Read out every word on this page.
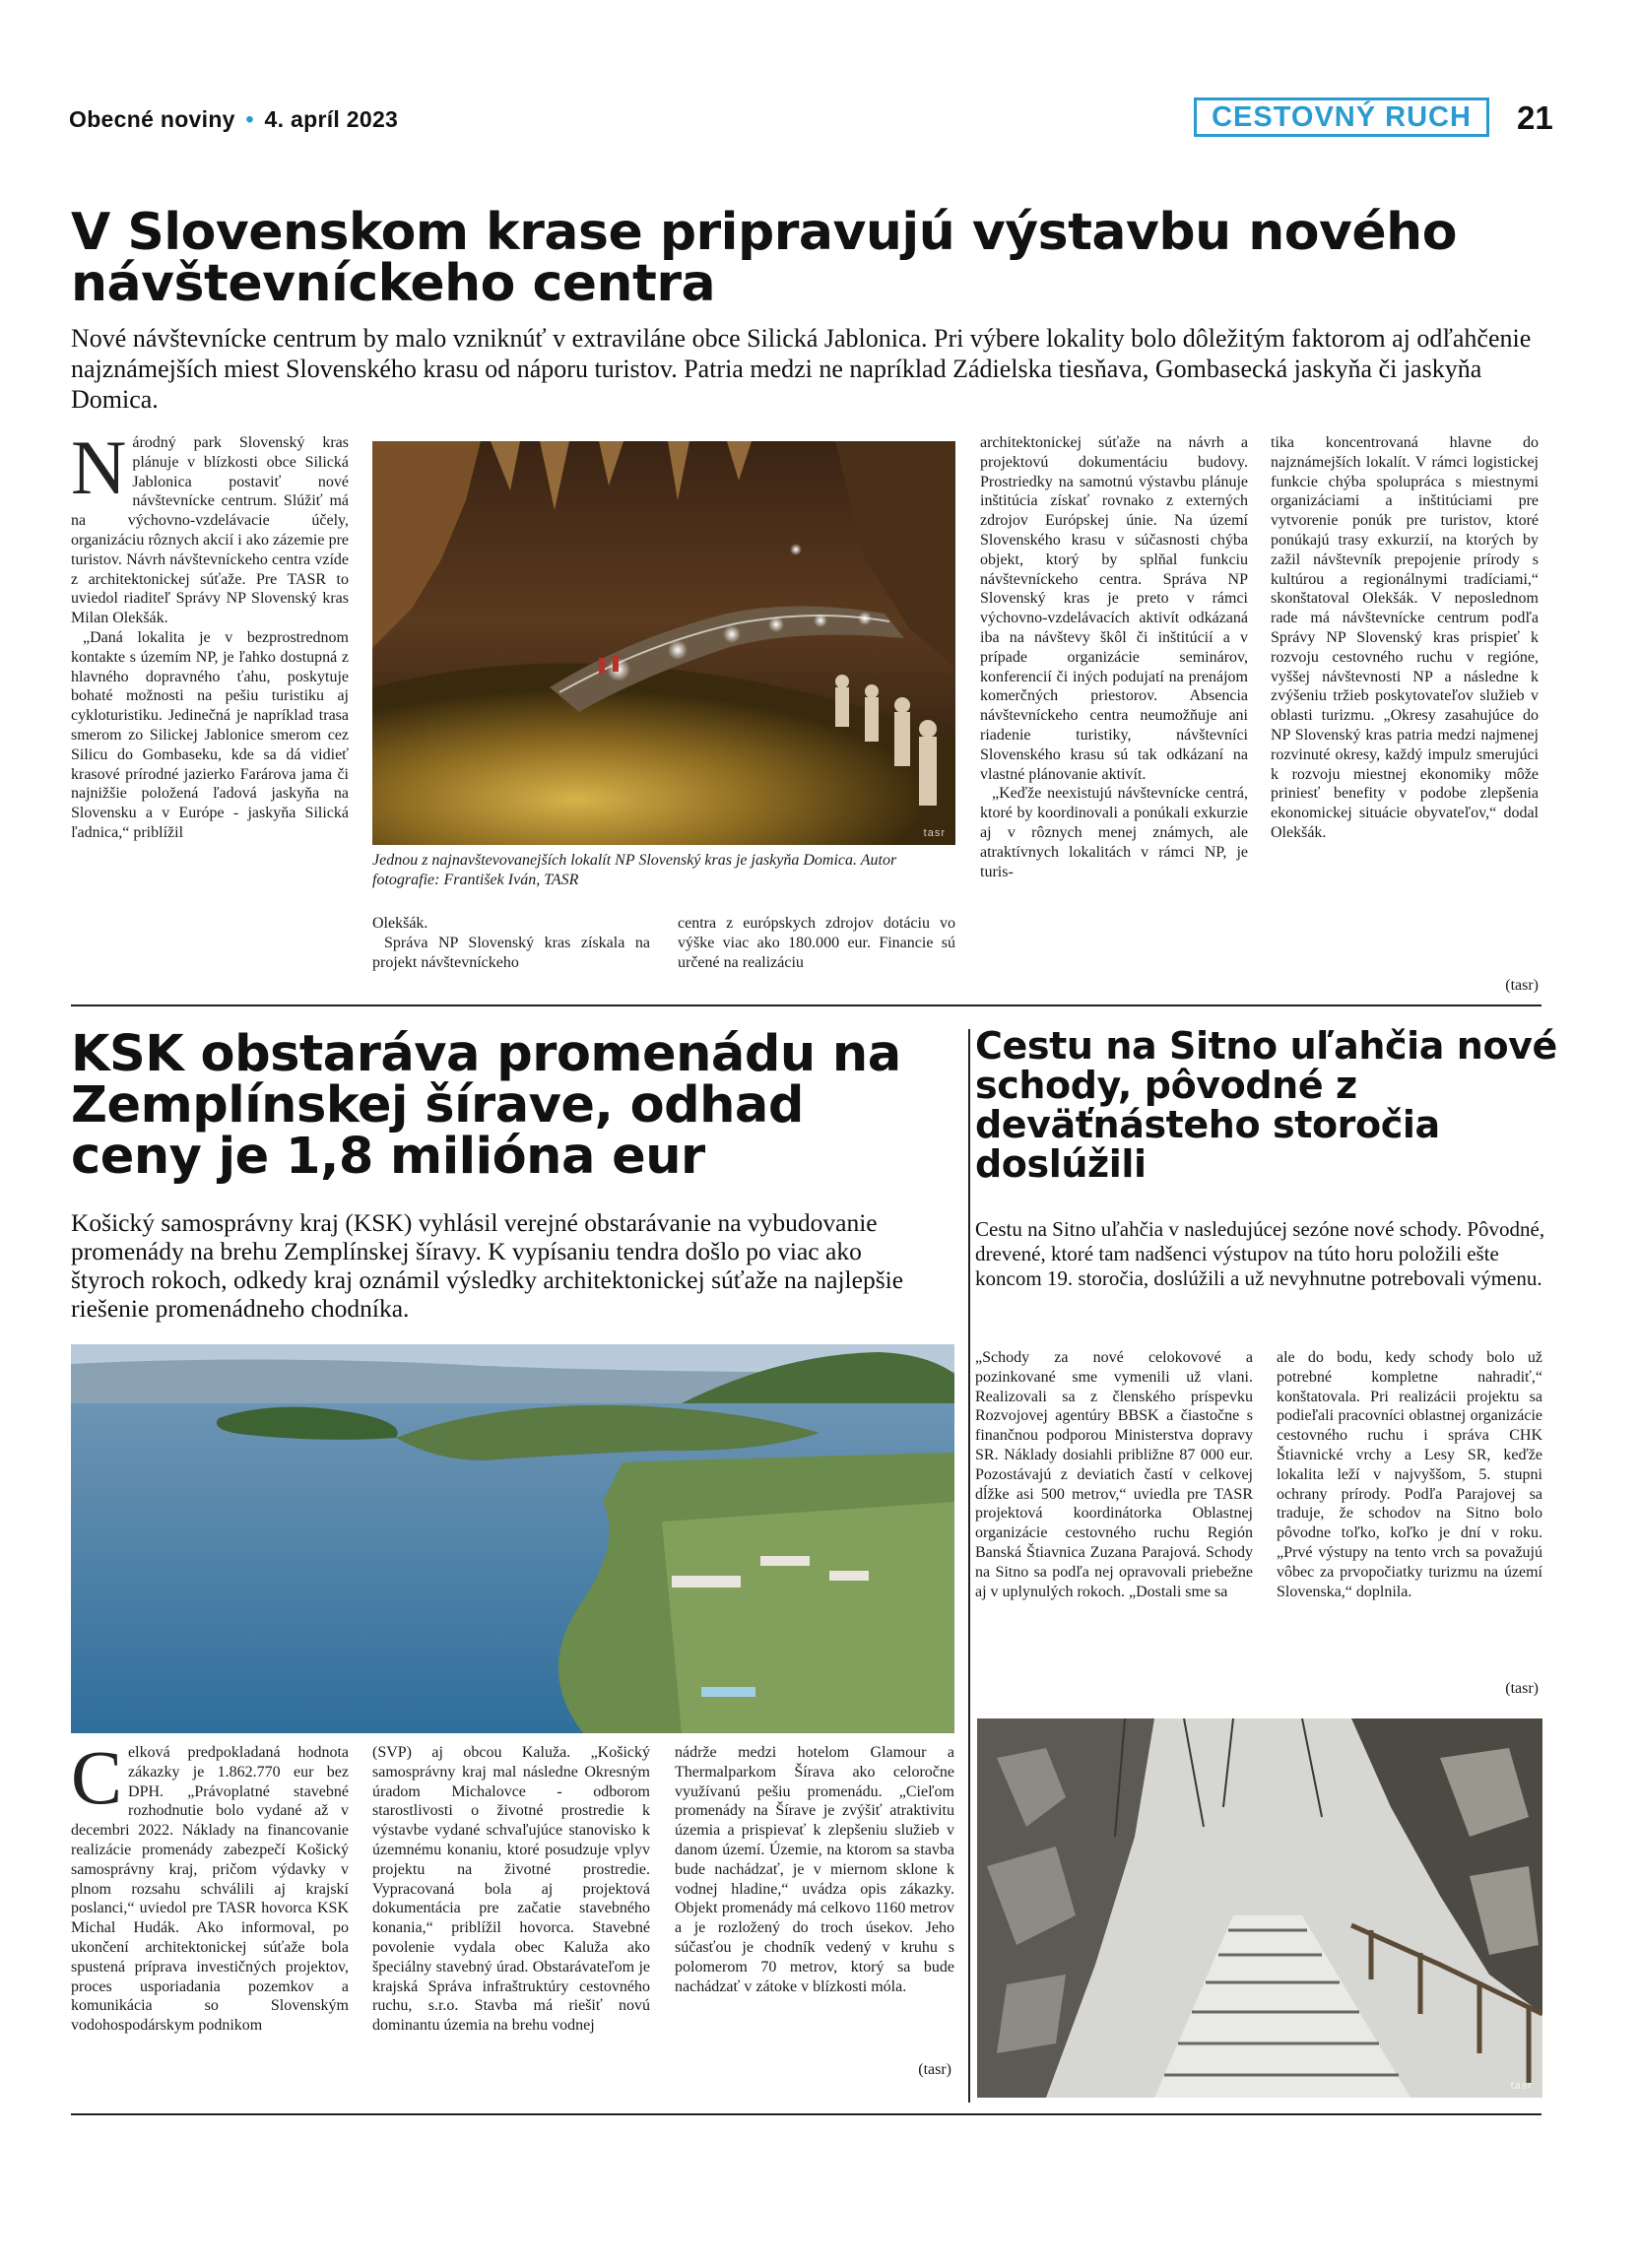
Obecné noviny • 4. apríl 2023	CESTOVNÝ RUCH	21
V Slovenskom krase pripravujú výstavbu nového návštevníckeho centra
Nové návštevnícke centrum by malo vzniknúť v extraviláne obce Silická Jablonica. Pri výbere lokality bolo dôležitým faktorom aj odľahčenie najznámejších miest Slovenského krasu od náporu turistov. Patria medzi ne napríklad Zádielska tiesňava, Gombasecká jaskyňa či jaskyňa Domica.

Národný park Slovenský kras plánuje v blízkosti obce Silická Jablonica postaviť nové návštevnícke centrum. Slúžiť má na výchovno-vzdelávacie účely, organizáciu rôznych akcií i ako zázemie pre turistov. Návrh návštevníckeho centra vzíde z architektonickej súťaže. Pre TASR to uviedol riaditeľ Správy NP Slovenský kras Milan Olekšák.

„Daná lokalita je v bezprostrednom kontakte s územím NP, je ľahko dostupná z hlavného dopravného ťahu, poskytuje bohaté možnosti na pešiu turistiku aj cykloturistiku. Jedinečná je napríklad trasa smerom zo Silickej Jablonice smerom cez Silicu do Gombaseku, kde sa dá vidieť krasové prírodné jazierko Farárova jama či najnižšie položená ľadová jaskyňa na Slovensku a v Európe - jaskyňa Silická ľadnica,“ priblížil	tasr
Jednou z najnavštevovanejších lokalít NP Slovenský kras je jaskyňa Domica. Autor fotografie: František Iván, TASR

Olekšák.

Správa NP Slovenský kras získala na projekt návštevníckeho

centra z európskych zdrojov dotáciu vo výške viac ako 180.000 eur. Financie sú určené na realizáciu

architektonickej súťaže na návrh a projektovú dokumentáciu budovy. Prostriedky na samotnú výstavbu plánuje inštitúcia získať rovnako z externých zdrojov Európskej únie. Na území Slovenského krasu v súčasnosti chýba objekt, ktorý by splňal funkciu návštevníckeho centra. Správa NP Slovenský kras je preto v rámci výchovno-vzdelávacích aktivít odkázaná iba na návštevy škôl či inštitúcií a v prípade organizácie seminárov, konferencií či iných podujatí na prenájom komerčných priestorov. Absencia návštevníckeho centra neumožňuje ani riadenie turistiky, návštevníci Slovenského krasu sú tak odkázaní na vlastné plánovanie aktivít.

„Keďže neexistujú návštevnícke centrá, ktoré by koordinovali a ponúkali exkurzie aj v rôznych menej známych, ale atraktívnych lokalitách v rámci NP, je turis-

tika koncentrovaná hlavne do najznámejších lokalít. V rámci logistickej funkcie chýba spolupráca s miestnymi organizáciami a inštitúciami pre vytvorenie ponúk pre turistov, ktoré ponúkajú trasy exkurzií, na ktorých by zažil návštevník prepojenie prírody s kultúrou a regionálnymi tradíciami,“ skonštatoval Olekšák. V neposlednom rade má návštevnícke centrum podľa Správy NP Slovenský kras prispieť k rozvoju cestovného ruchu v regióne, vyššej návštevnosti NP a následne k zvýšeniu tržieb poskytovateľov služieb v oblasti turizmu. „Okresy zasahujúce do NP Slovenský kras patria medzi najmenej rozvinuté okresy, každý impulz smerujúci k rozvoju miestnej ekonomiky môže priniesť benefity v podobe zlepšenia ekonomickej situácie obyvateľov,“ dodal Olekšák.

(tasr)
KSK obstaráva promenádu na Zemplínskej šírave, odhad ceny je 1,8 milióna eur
Košický samosprávny kraj (KSK) vyhlásil verejné obstarávanie na vybudovanie promenády na brehu Zemplínskej šíravy. K vypísaniu tendra došlo po viac ako štyroch rokoch, odkedy kraj oznámil výsledky architektonickej súťaže na najlepšie riešenie promenádneho chodníka.

Celková predpokladaná hodnota zákazky je 1.862.770 eur bez DPH. „Právoplatné stavebné rozhodnutie bolo vydané až v decembri 2022. Náklady na financovanie realizácie promenády zabezpečí Košický samosprávny kraj, pričom výdavky v plnom rozsahu schválili aj krajskí poslanci,“ uviedol pre TASR hovorca KSK Michal Hudák. Ako informoval, po ukončení architektonickej súťaže bola spustená príprava investičných projektov, proces usporiadania pozemkov a komunikácia so Slovenským vodohospodárskym podnikom

(SVP) aj obcou Kaluža. „Košický samosprávny kraj mal následne Okresným úradom Michalovce - odborom starostlivosti o životné prostredie k výstavbe vydané schvaľujúce stanovisko k územnému konaniu, ktoré posudzuje vplyv projektu na životné prostredie. Vypracovaná bola aj projektová dokumentácia pre začatie stavebného konania,“ priblížil hovorca. Stavebné povolenie vydala obec Kaluža ako špeciálny stavebný úrad. Obstarávateľom je krajská Správa infraštruktúry cestovného ruchu, s.r.o. Stavba má riešiť novú dominantu územia na brehu vodnej

nádrže medzi hotelom Glamour a Thermalparkom Šírava ako celoročne využívanú pešiu promenádu. „Cieľom promenády na Šírave je zvýšiť atraktivitu územia a prispievať k zlepšeniu služieb v danom území. Územie, na ktorom sa stavba bude nachádzať, je v miernom sklone k vodnej hladine,“ uvádza opis zákazky. Objekt promenády má celkovo 1160 metrov a je rozložený do troch úsekov. Jeho súčasťou je chodník vedený v kruhu s polomerom 70 metrov, ktorý sa bude nachádzať v zátoke v blízkosti móla.

(tasr)
Cestu na Sitno uľahčia nové schody, pôvodné z deväťnásteho storočia doslúžili
Cestu na Sitno uľahčia v nasledujúcej sezóne nové schody. Pôvodné, drevené, ktoré tam nadšenci výstupov na túto horu položili ešte koncom 19. storočia, doslúžili a už nevyhnutne potrebovali výmenu.

„Schody za nové celokovové a pozinkované sme vymenili už vlani. Realizovali sa z členského príspevku Rozvojovej agentúry BBSK a čiastočne s finančnou podporou Ministerstva dopravy SR. Náklady dosiahli približne 87 000 eur. Pozostávajú z deviatich častí v celkovej dĺžke asi 500 metrov,“ uviedla pre TASR projektová koordinátorka Oblastnej organizácie cestovného ruchu Región Banská Štiavnica Zuzana Parajová. Schody na Sitno sa podľa nej opravovali priebežne aj v uplynulých rokoch. „Dostali sme sa

ale do bodu, kedy schody bolo už potrebné kompletne nahradiť,“ konštatovala. Pri realizácii projektu sa podieľali pracovníci oblastnej organizácie cestovného ruchu i správa CHK Štiavnické vrchy a Lesy SR, keďže lokalita leží v najvyššom, 5. stupni ochrany prírody. Podľa Parajovej sa traduje, že schodov na Sitno bolo pôvodne toľko, koľko je dní v roku. „Prvé výstupy na tento vrch sa považujú vôbec za prvopočiatky turizmu na území Slovenska,“ doplnila.

(tasr)
tasr
